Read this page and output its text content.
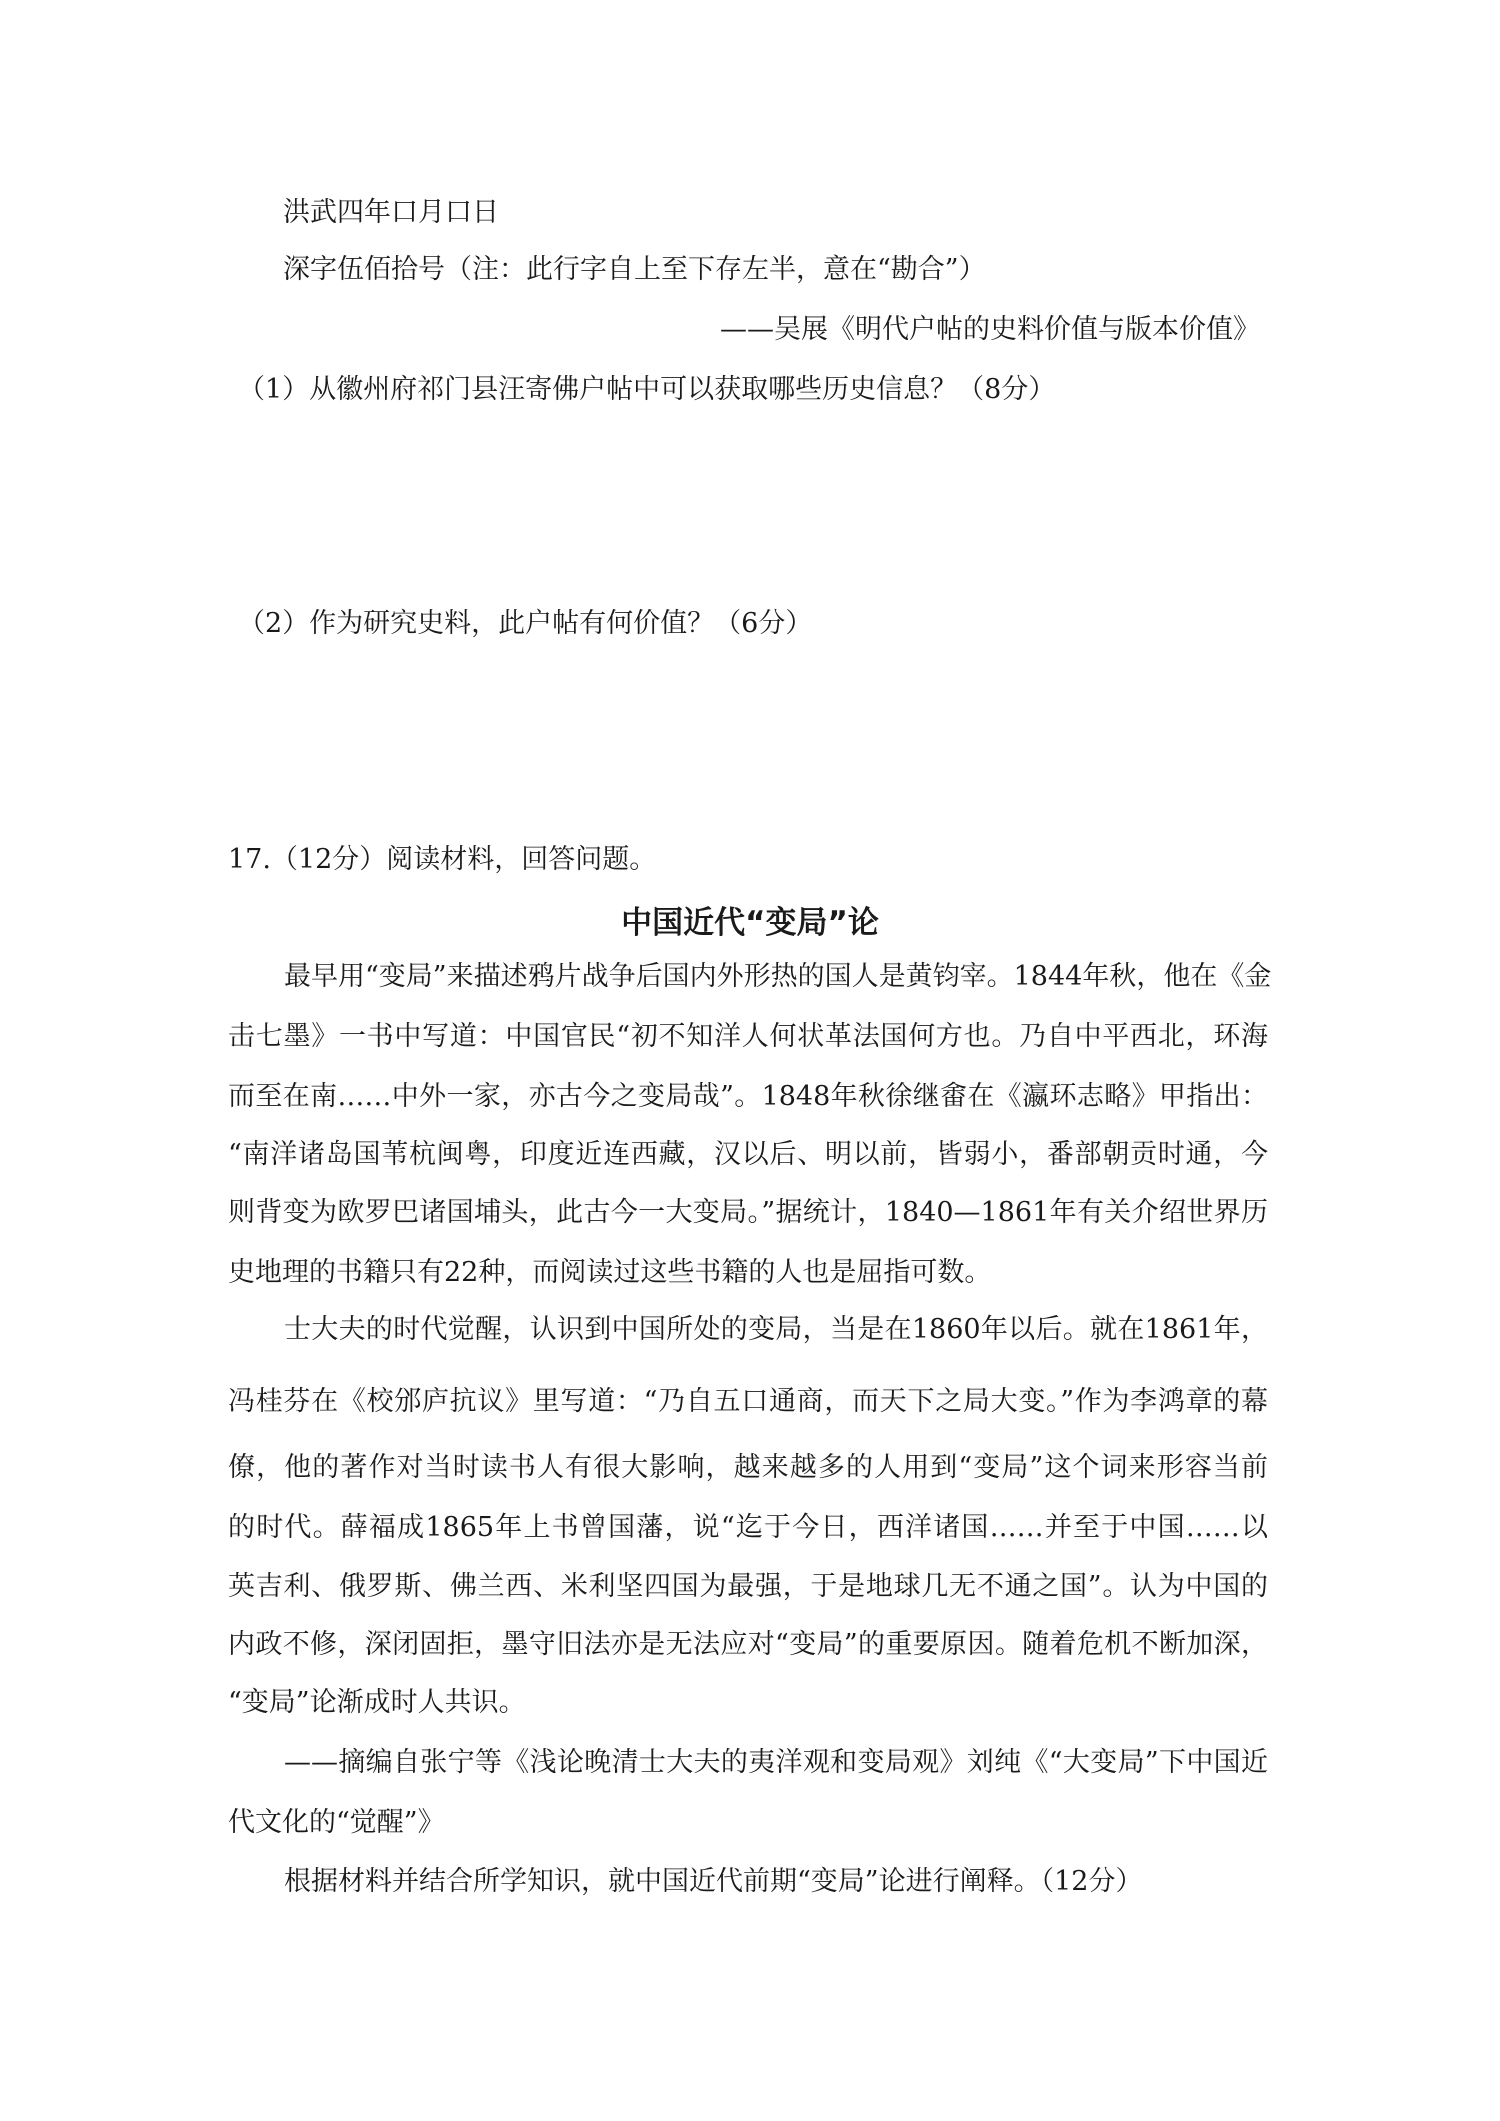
洪武四年口月口日
深字伍佰拾号（注：此行字自上至下存左半，意在“勘合”）
——吴展《明代户帖的史料价值与版本价值》
（1）从徽州府祁门县汪寄佛户帖中可以获取哪些历史信息？（8分）
（2）作为研究史料，此户帖有何价值？（6分）
17.（12分）阅读材料，回答问题。
中国近代“变局”论
最早用“变局”来描述鸦片战争后国内外形热的国人是黄钧宰。1844年秋，他在《金
击七墨》一书中写道：中国官民“初不知洋人何状革法国何方也。乃自中平西北，环海
而至在南……中外一家，亦古今之变局哉”。1848年秋徐继畬在《瀛环志略》甲指出：
“南洋诸岛国苇杭闽粤，印度近连西藏，汉以后、明以前，皆弱小，番部朝贡时通，今
则背变为欧罗巴诸国埔头，此古今一大变局。”据统计，1840—1861年有关介绍世界历
史地理的书籍只有22种，而阅读过这些书籍的人也是屈指可数。
士大夫的时代觉醒，认识到中国所处的变局，当是在1860年以后。就在1861年，
冯桂芬在《校邠庐抗议》里写道：“乃自五口通商，而天下之局大变。”作为李鸿章的幕
僚，他的著作对当时读书人有很大影响，越来越多的人用到“变局”这个词来形容当前
的时代。薛福成1865年上书曾国藩，说“迄于今日，西洋诸国……并至于中国……以
英吉利、俄罗斯、佛兰西、米利坚四国为最强，于是地球几无不通之国”。认为中国的
内政不修，深闭固拒，墨守旧法亦是无法应对“变局”的重要原因。随着危机不断加深，
“变局”论渐成时人共识。
——摘编自张宁等《浅论晚清士大夫的夷洋观和变局观》刘纯《“大变局”下中国近
代文化的“觉醒”》
根据材料并结合所学知识，就中国近代前期“变局”论进行阐释。（12分）
